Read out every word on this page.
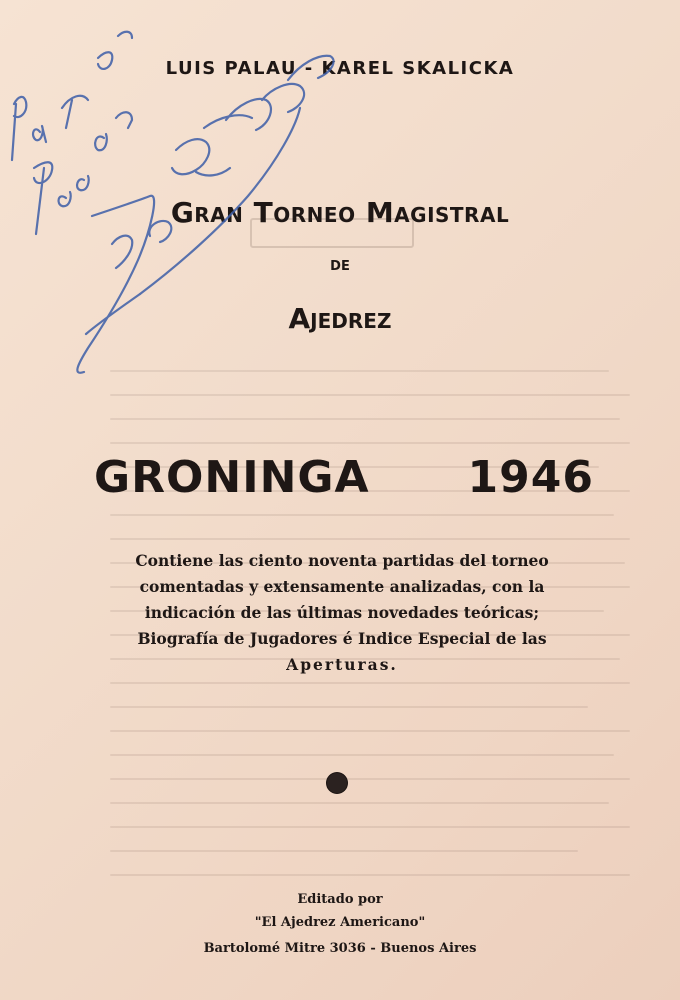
LUIS PALAU - KAREL SKALICKA
Gran Torneo Magistral
de
Ajedrez
GRONINGA 1946
Contiene las ciento noventa partidas del torneo
comentadas y extensamente analizadas, con la
indicación de las últimas novedades teóricas;
Biografía de Jugadores é Indice Especial de las
Aperturas.
Editado por
"El Ajedrez Americano"
Bartolomé Mitre 3036 - Buenos Aires
